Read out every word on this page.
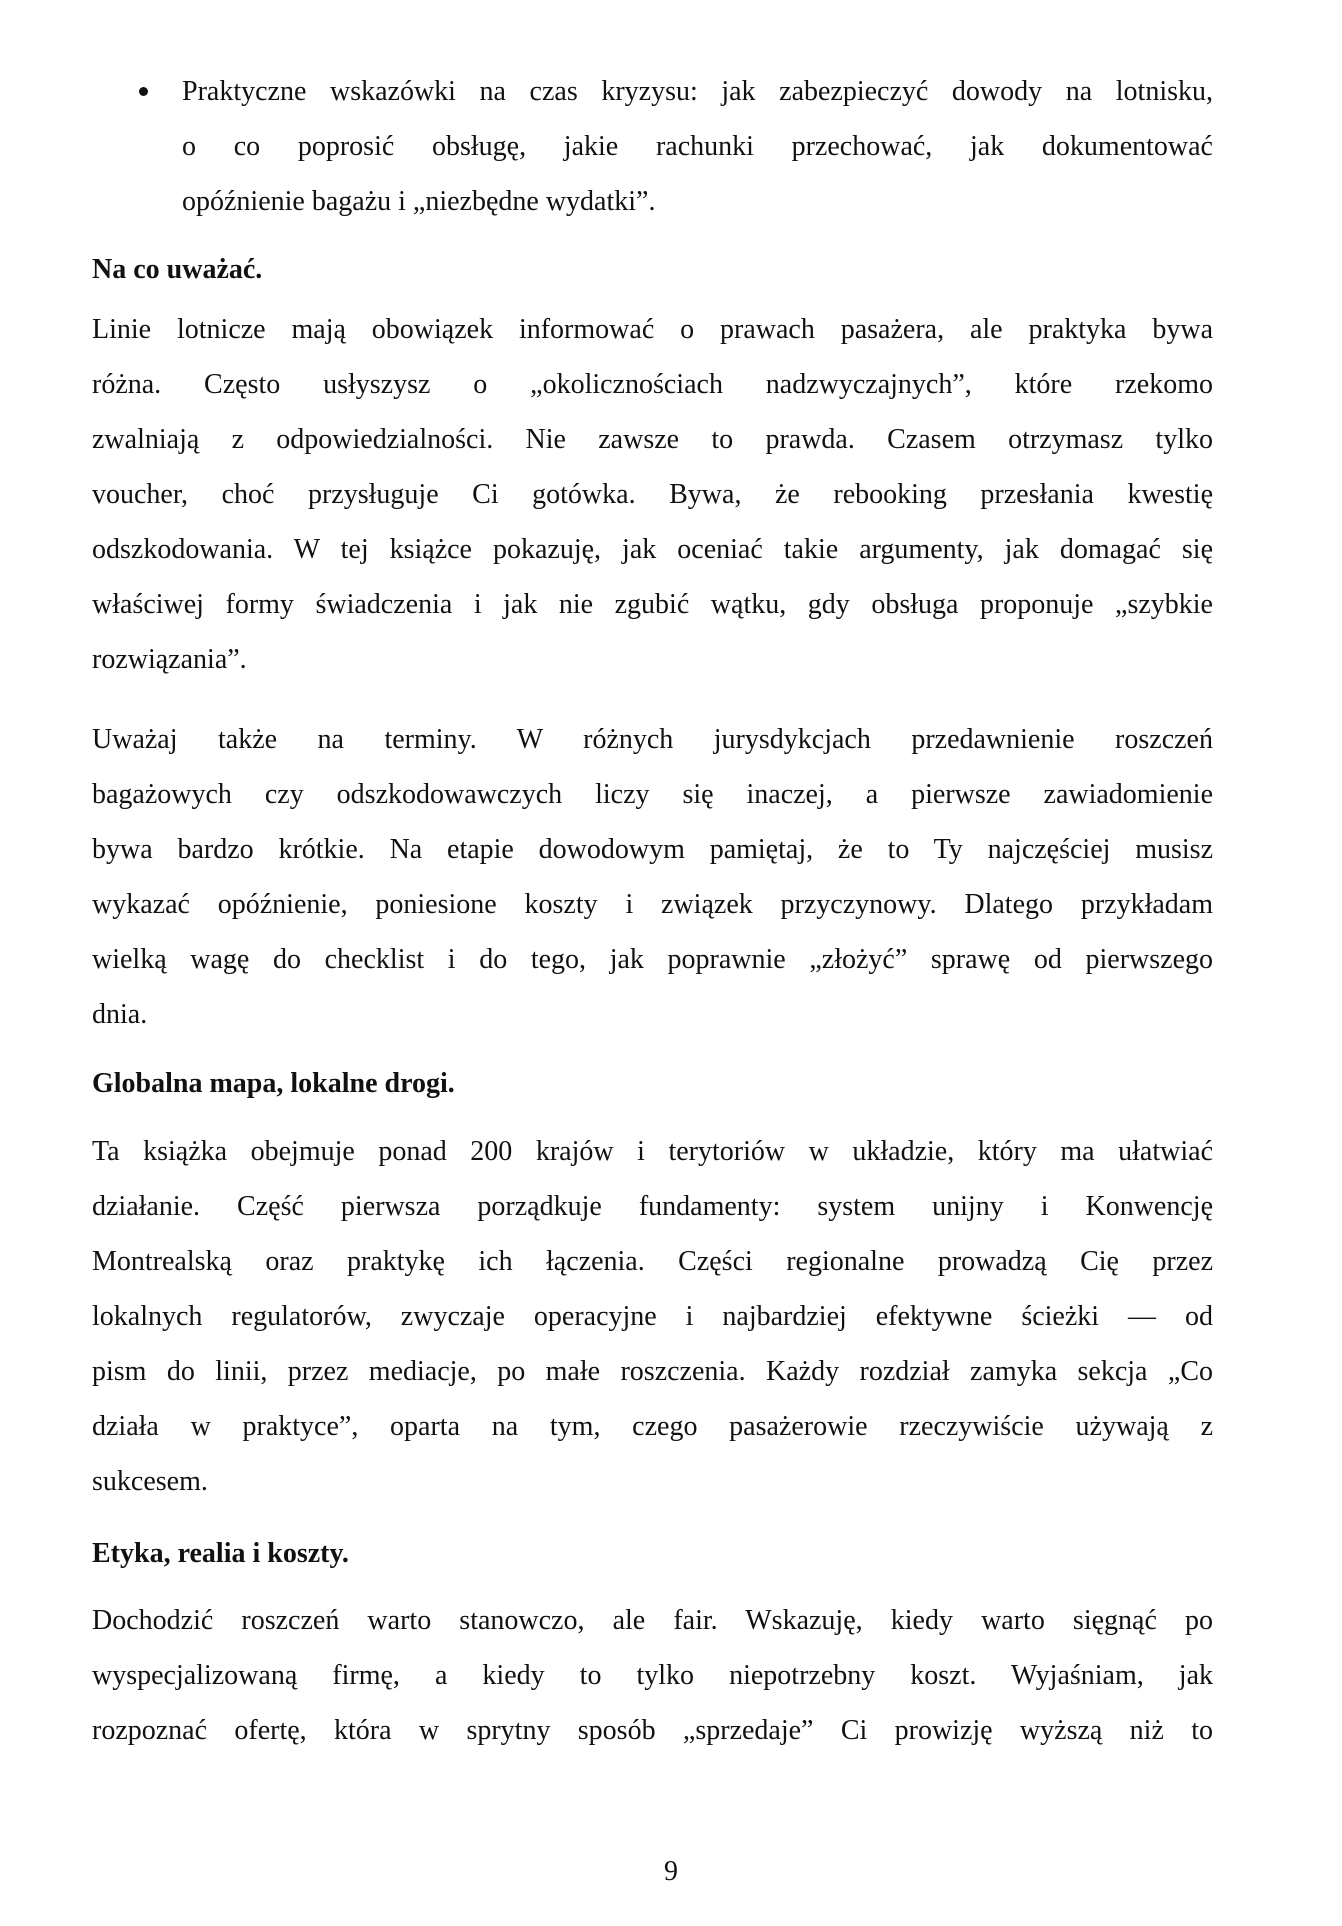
Praktyczne wskazówki na czas kryzysu: jak zabezpieczyć dowody na lotnisku,
o co poprosić obsługę, jakie rachunki przechować, jak dokumentować
opóźnienie bagażu i „niezbędne wydatki”.
Na co uważać.

Linie lotnicze mają obowiązek informować o prawach pasażera, ale praktyka bywa
różna. Często usłyszysz o „okolicznościach nadzwyczajnych”, które rzekomo
zwalniają z odpowiedzialności. Nie zawsze to prawda. Czasem otrzymasz tylko
voucher, choć przysługuje Ci gotówka. Bywa, że rebooking przesłania kwestię
odszkodowania. W tej książce pokazuję, jak oceniać takie argumenty, jak domagać się
właściwej formy świadczenia i jak nie zgubić wątku, gdy obsługa proponuje „szybkie
rozwiązania”.

Uważaj także na terminy. W różnych jurysdykcjach przedawnienie roszczeń
bagażowych czy odszkodowawczych liczy się inaczej, a pierwsze zawiadomienie
bywa bardzo krótkie. Na etapie dowodowym pamiętaj, że to Ty najczęściej musisz
wykazać opóźnienie, poniesione koszty i związek przyczynowy. Dlatego przykładam
wielką wagę do checklist i do tego, jak poprawnie „złożyć” sprawę od pierwszego
dnia.

Globalna mapa, lokalne drogi.

Ta książka obejmuje ponad 200 krajów i terytoriów w układzie, który ma ułatwiać
działanie. Część pierwsza porządkuje fundamenty: system unijny i Konwencję
Montrealską oraz praktykę ich łączenia. Części regionalne prowadzą Cię przez
lokalnych regulatorów, zwyczaje operacyjne i najbardziej efektywne ścieżki — od
pism do linii, przez mediacje, po małe roszczenia. Każdy rozdział zamyka sekcja „Co
działa w praktyce”, oparta na tym, czego pasażerowie rzeczywiście używają z
sukcesem.

Etyka, realia i koszty.

Dochodzić roszczeń warto stanowczo, ale fair. Wskazuję, kiedy warto sięgnąć po
wyspecjalizowaną firmę, a kiedy to tylko niepotrzebny koszt. Wyjaśniam, jak
rozpoznać ofertę, która w sprytny sposób „sprzedaje” Ci prowizję wyższą niż to

9
